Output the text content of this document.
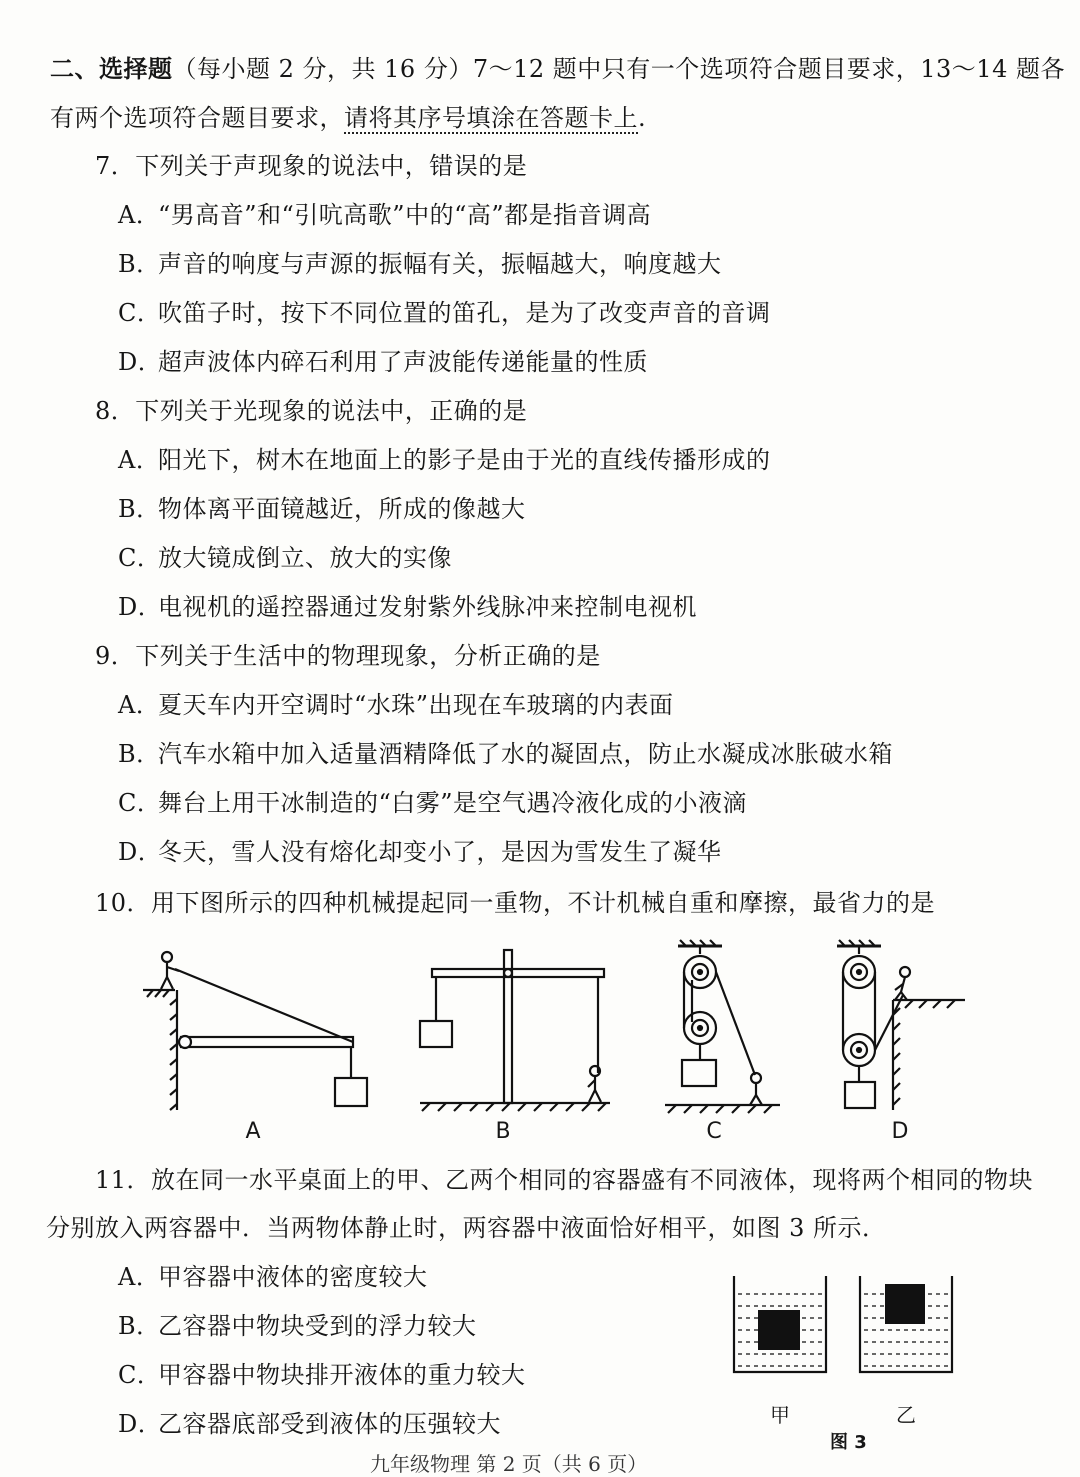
二、选择题（每小题 2 分，共 16 分）7～12 题中只有一个选项符合题目要求，13～14 题各
有两个选项符合题目要求，请将其序号填涂在答题卡上.
7．下列关于声现象的说法中，错误的是
A．“男高音”和“引吭高歌”中的“高”都是指音调高
B．声音的响度与声源的振幅有关，振幅越大，响度越大
C．吹笛子时，按下不同位置的笛孔，是为了改变声音的音调
D．超声波体内碎石利用了声波能传递能量的性质
8．下列关于光现象的说法中，正确的是
A．阳光下，树木在地面上的影子是由于光的直线传播形成的
B．物体离平面镜越近，所成的像越大
C．放大镜成倒立、放大的实像
D．电视机的遥控器通过发射紫外线脉冲来控制电视机
9．下列关于生活中的物理现象，分析正确的是
A．夏天车内开空调时“水珠”出现在车玻璃的内表面
B．汽车水箱中加入适量酒精降低了水的凝固点，防止水凝成冰胀破水箱
C．舞台上用干冰制造的“白雾”是空气遇冷液化成的小液滴
D．冬天，雪人没有熔化却变小了，是因为雪发生了凝华
10．用下图所示的四种机械提起同一重物，不计机械自重和摩擦，最省力的是
A	B	C	D
11．放在同一水平桌面上的甲、乙两个相同的容器盛有不同液体，现将两个相同的物块
分别放入两容器中．当两物体静止时，两容器中液面恰好相平，如图 3 所示．
A．甲容器中液体的密度较大
B．乙容器中物块受到的浮力较大
C．甲容器中物块排开液体的重力较大
D．乙容器底部受到液体的压强较大	甲	乙
图 3
九年级物理 第 2 页（共 6 页）
